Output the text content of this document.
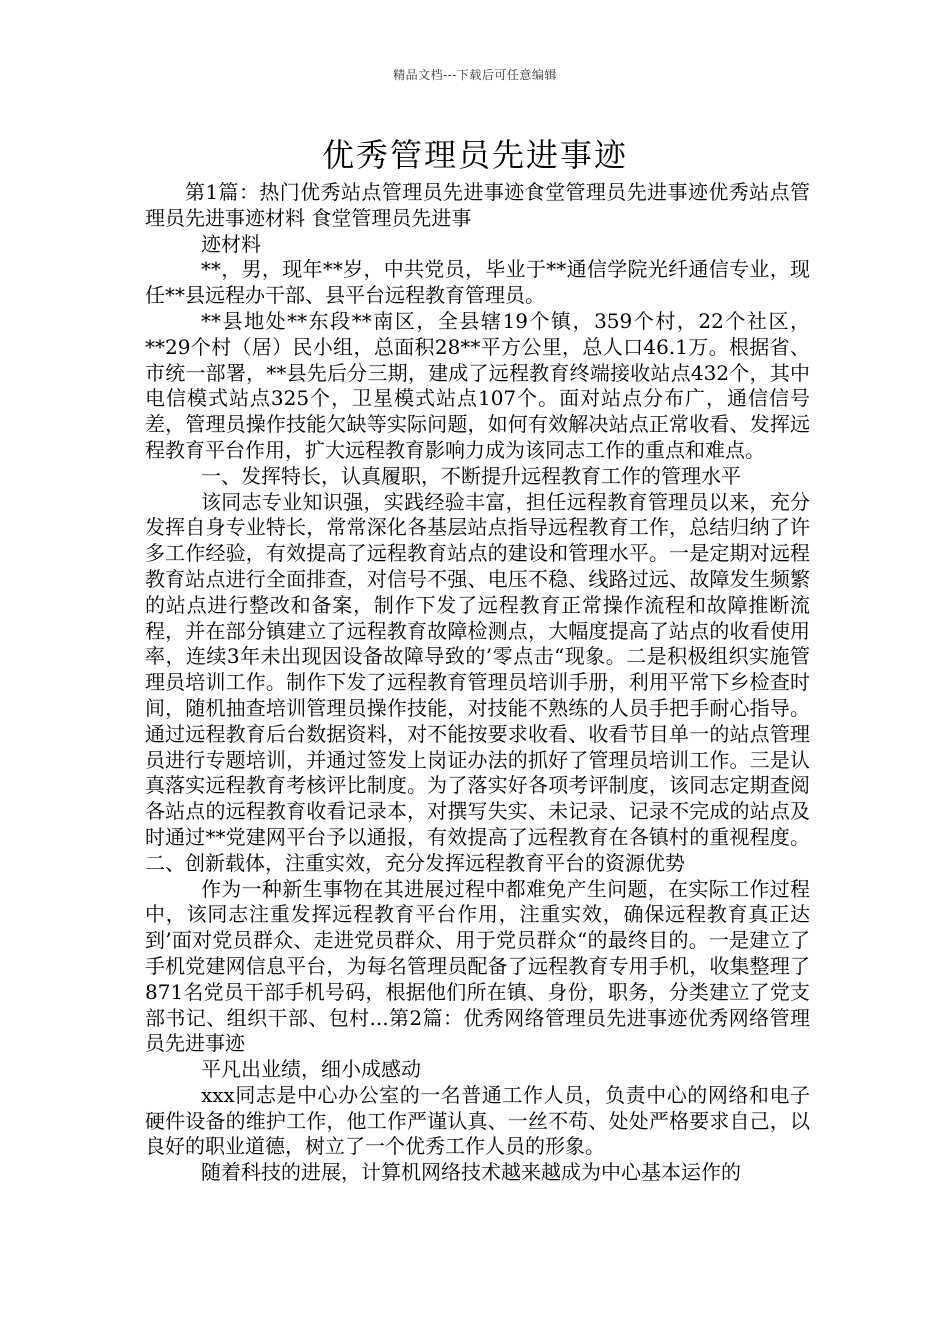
精品文档---下载后可任意编辑
优秀管理员先进事迹

第1篇：热门优秀站点管理员先进事迹食堂管理员先进事迹优秀站点管理员先进事迹材料 食堂管理员先进事

迹材料

**，男，现年**岁，中共党员，毕业于**通信学院光纤通信专业，现任**县远程办干部、县平台远程教育管理员。

**县地处**东段**南区，全县辖19个镇，359个村，22个社区，**29个村（居）民小组，总面积28**平方公里，总人口46.1万。根据省、市统一部署，**县先后分三期，建成了远程教育终端接收站点432个，其中电信模式站点325个，卫星模式站点107个。面对站点分布广，通信信号差，管理员操作技能欠缺等实际问题，如何有效解决站点正常收看、发挥远程教育平台作用，扩大远程教育影响力成为该同志工作的重点和难点。

一、发挥特长，认真履职，不断提升远程教育工作的管理水平

该同志专业知识强，实践经验丰富，担任远程教育管理员以来，充分发挥自身专业特长，常常深化各基层站点指导远程教育工作，总结归纳了许多工作经验，有效提高了远程教育站点的建设和管理水平。一是定期对远程教育站点进行全面排查，对信号不强、电压不稳、线路过远、故障发生频繁的站点进行整改和备案，制作下发了远程教育正常操作流程和故障推断流程，并在部分镇建立了远程教育故障检测点，大幅度提高了站点的收看使用率，连续3年未出现因设备故障导致的’零点击“现象。二是积极组织实施管理员培训工作。制作下发了远程教育管理员培训手册，利用平常下乡检查时间，随机抽查培训管理员操作技能，对技能不熟练的人员手把手耐心指导。通过远程教育后台数据资料，对不能按要求收看、收看节目单一的站点管理员进行专题培训，并通过签发上岗证办法的抓好了管理员培训工作。三是认真落实远程教育考核评比制度。为了落实好各项考评制度，该同志定期查阅各站点的远程教育收看记录本，对撰写失实、未记录、记录不完成的站点及时通过**党建网平台予以通报，有效提高了远程教育在各镇村的重视程度。 二、创新载体，注重实效，充分发挥远程教育平台的资源优势

作为一种新生事物在其进展过程中都难免产生问题，在实际工作过程中，该同志注重发挥远程教育平台作用，注重实效，确保远程教育真正达到’面对党员群众、走进党员群众、用于党员群众“的最终目的。一是建立了手机党建网信息平台，为每名管理员配备了远程教育专用手机，收集整理了871名党员干部手机号码，根据他们所在镇、身份，职务，分类建立了党支部书记、组织干部、包村...第2篇：优秀网络管理员先进事迹优秀网络管理员先进事迹

平凡出业绩，细小成感动

xxx同志是中心办公室的一名普通工作人员，负责中心的网络和电子硬件设备的维护工作，他工作严谨认真、一丝不苟、处处严格要求自己，以良好的职业道德，树立了一个优秀工作人员的形象。

随着科技的进展，计算机网络技术越来越成为中心基本运作的
